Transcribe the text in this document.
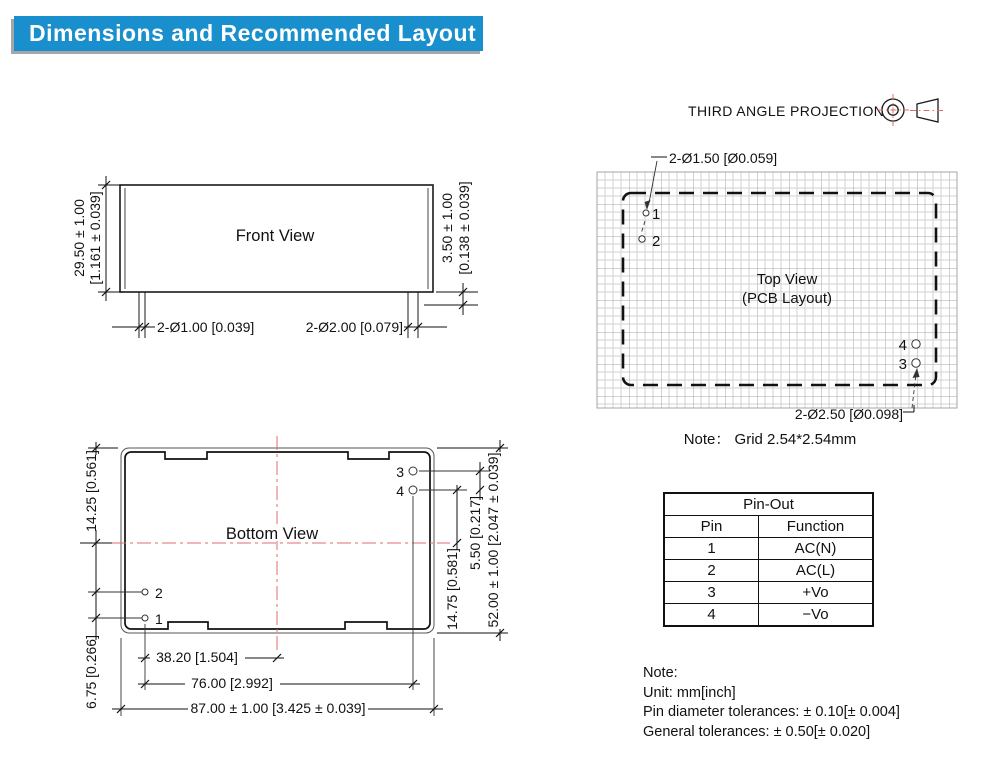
Dimensions and Recommended Layout
THIRD ANGLE PROJECTION
Front View
29.50 ± 1.00 [1.161 ± 0.039]	3.50 ± 1.00 [0.138 ± 0.039]
2-Ø1.00 [0.039]	2-Ø2.00 [0.079]
Top View
(PCB Layout)
1
2
2-Ø1.50 [Ø0.059]
4
3
2-Ø2.50 [Ø0.098]
Note： Grid 2.54*2.54mm
Bottom View
2
1
14.25 [0.561]
6.75 [0.266]
3
4
5.50 [0.217]
14.75 [0.581] 52.00 ± 1.00 [2.047 ± 0.039]
38.20 [1.504]
76.00 [2.992]
87.00 ± 1.00 [3.425 ± 0.039]
Pin-Out	
Pin	Function
1	AC(N)
2	AC(L)
3	+Vo
4	−Vo
Note:
Unit: mm[inch]
Pin diameter tolerances: ± 0.10[± 0.004]
General tolerances: ± 0.50[± 0.020]
